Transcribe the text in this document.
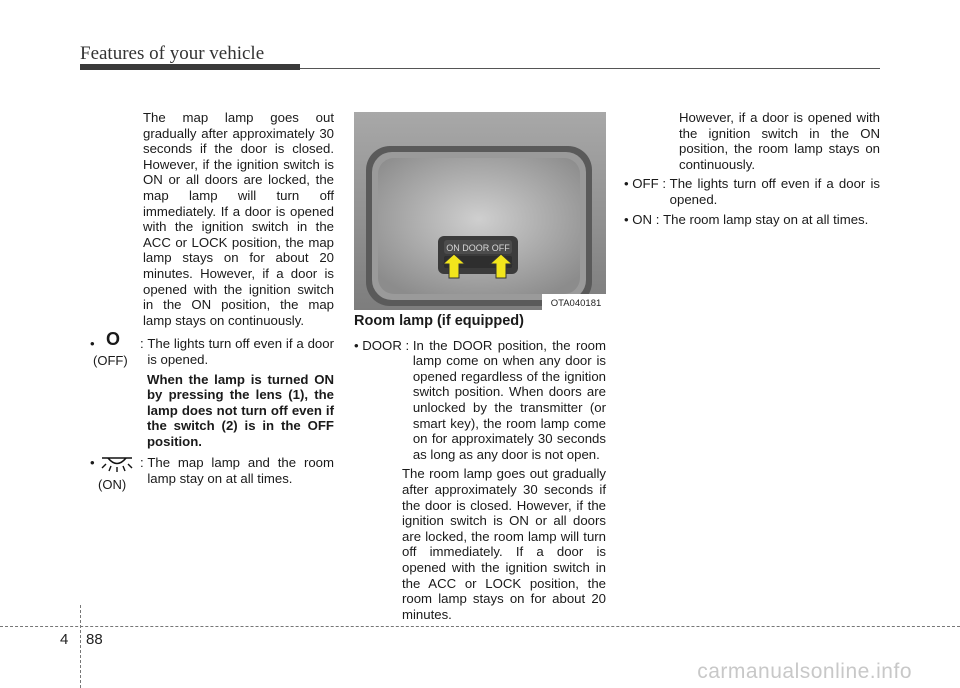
Features of your vehicle

The map lamp goes out gradually after approximately 30 seconds if the door is closed. However, if the ignition switch is ON or all doors are locked, the map lamp will turn off immediately. If a door is opened with the ignition switch in the ACC or LOCK position, the map lamp stays on for about 20 minutes. However, if a door is opened with the ignition switch in the ON position, the map lamp stays on continuously.

• O
(OFF)
: The lights turn off even if a door is opened.

When the lamp is turned ON by pressing the lens (1), the lamp does not turn off even if the switch (2) is in the OFF position.

•
(ON)
: The map lamp and the room lamp stay on at all times.
ON DOOR OFF
OTA040181
Room lamp (if equipped)
• DOOR : In the DOOR position, the room lamp come on when any door is opened regardless of the ignition switch position. When doors are unlocked by the transmitter (or smart key), the room lamp come on for approximately 30 seconds as long as any door is not open.

The room lamp goes out gradually after approximately 30 seconds if the door is closed. However, if the ignition switch is ON or all doors are locked, the room lamp will turn off immediately. If a door is opened with the ignition switch in the ACC or LOCK position, the room lamp stays on for about 20 minutes.

However, if a door is opened with the ignition switch in the ON position, the room lamp stays on continuously.

• OFF : The lights turn off even if a door is opened.
• ON : The room lamp stay on at all times.
4 88
carmanualsonline.info
